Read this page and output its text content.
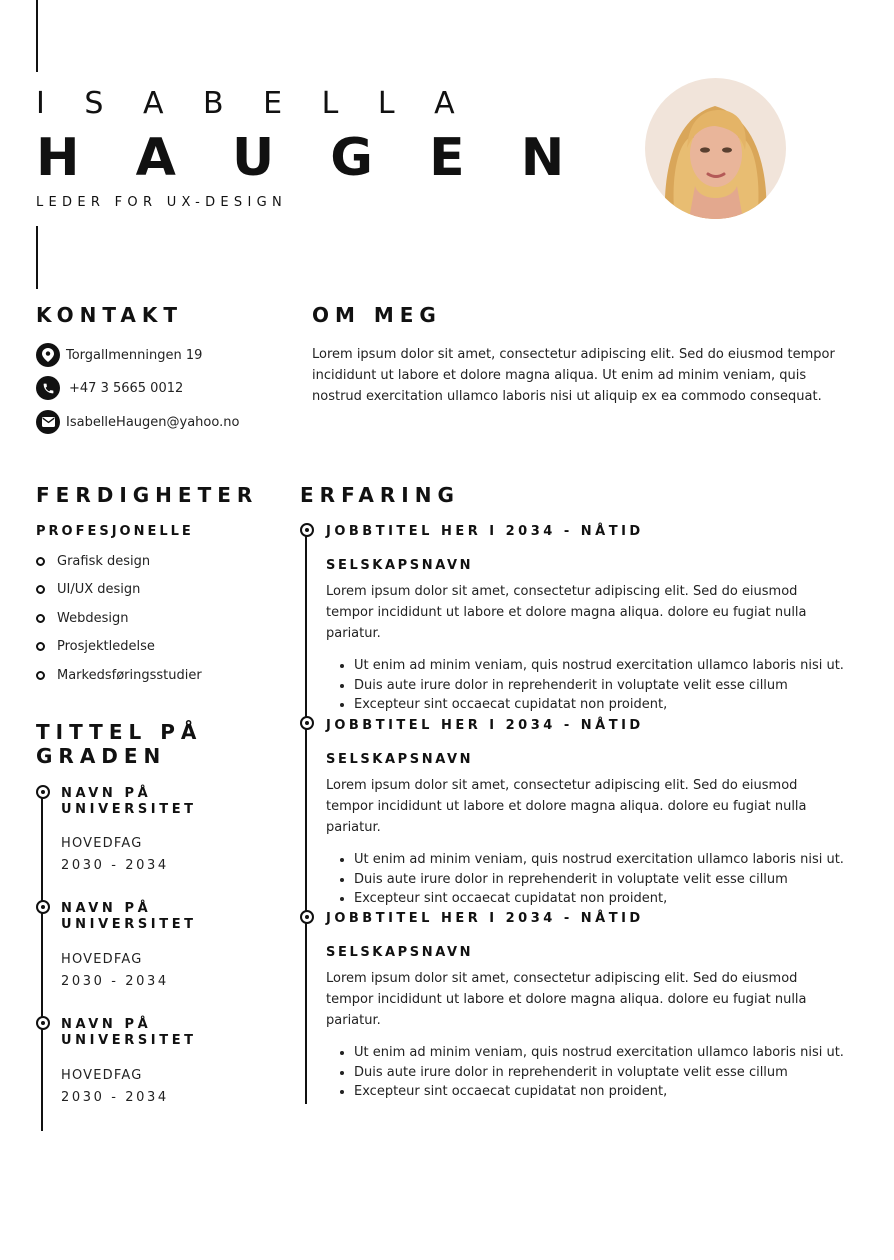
I S A B E L L A
H A U G E N
LEDER FOR UX-DESIGN
KONTAKT
Torgallmenningen 19
+47 3 5665 0012
IsabelleHaugen@yahoo.no
OM MEG
Lorem ipsum dolor sit amet, consectetur adipiscing elit. Sed do eiusmod tempor incididunt ut labore et dolore magna aliqua. Ut enim ad minim veniam, quis nostrud exercitation ullamco laboris nisi ut aliquip ex ea commodo consequat.
FERDIGHETER
PROFESJONELLE
Grafisk design
UI/UX design
Webdesign
Prosjektledelse
Markedsføringsstudier
TITTEL PÅ
GRADEN
NAVN PÅ
UNIVERSITET
HOVEDFAG
2030 - 2034
NAVN PÅ
UNIVERSITET
HOVEDFAG
2030 - 2034
NAVN PÅ
UNIVERSITET
HOVEDFAG
2030 - 2034
ERFARING
JOBBTITEL HER I 2034 - NÅTID
SELSKAPSNAVN
Lorem ipsum dolor sit amet, consectetur adipiscing elit. Sed do eiusmod tempor incididunt ut labore et dolore magna aliqua. dolore eu fugiat nulla pariatur.
• Ut enim ad minim veniam, quis nostrud exercitation ullamco laboris nisi ut.
• Duis aute irure dolor in reprehenderit in voluptate velit esse cillum
• Excepteur sint occaecat cupidatat non proident,
JOBBTITEL HER I 2034 - NÅTID
SELSKAPSNAVN
Lorem ipsum dolor sit amet, consectetur adipiscing elit. Sed do eiusmod tempor incididunt ut labore et dolore magna aliqua. dolore eu fugiat nulla pariatur.
• Ut enim ad minim veniam, quis nostrud exercitation ullamco laboris nisi ut.
• Duis aute irure dolor in reprehenderit in voluptate velit esse cillum
• Excepteur sint occaecat cupidatat non proident,
JOBBTITEL HER I 2034 - NÅTID
SELSKAPSNAVN
Lorem ipsum dolor sit amet, consectetur adipiscing elit. Sed do eiusmod tempor incididunt ut labore et dolore magna aliqua. dolore eu fugiat nulla pariatur.
• Ut enim ad minim veniam, quis nostrud exercitation ullamco laboris nisi ut.
• Duis aute irure dolor in reprehenderit in voluptate velit esse cillum
• Excepteur sint occaecat cupidatat non proident,
